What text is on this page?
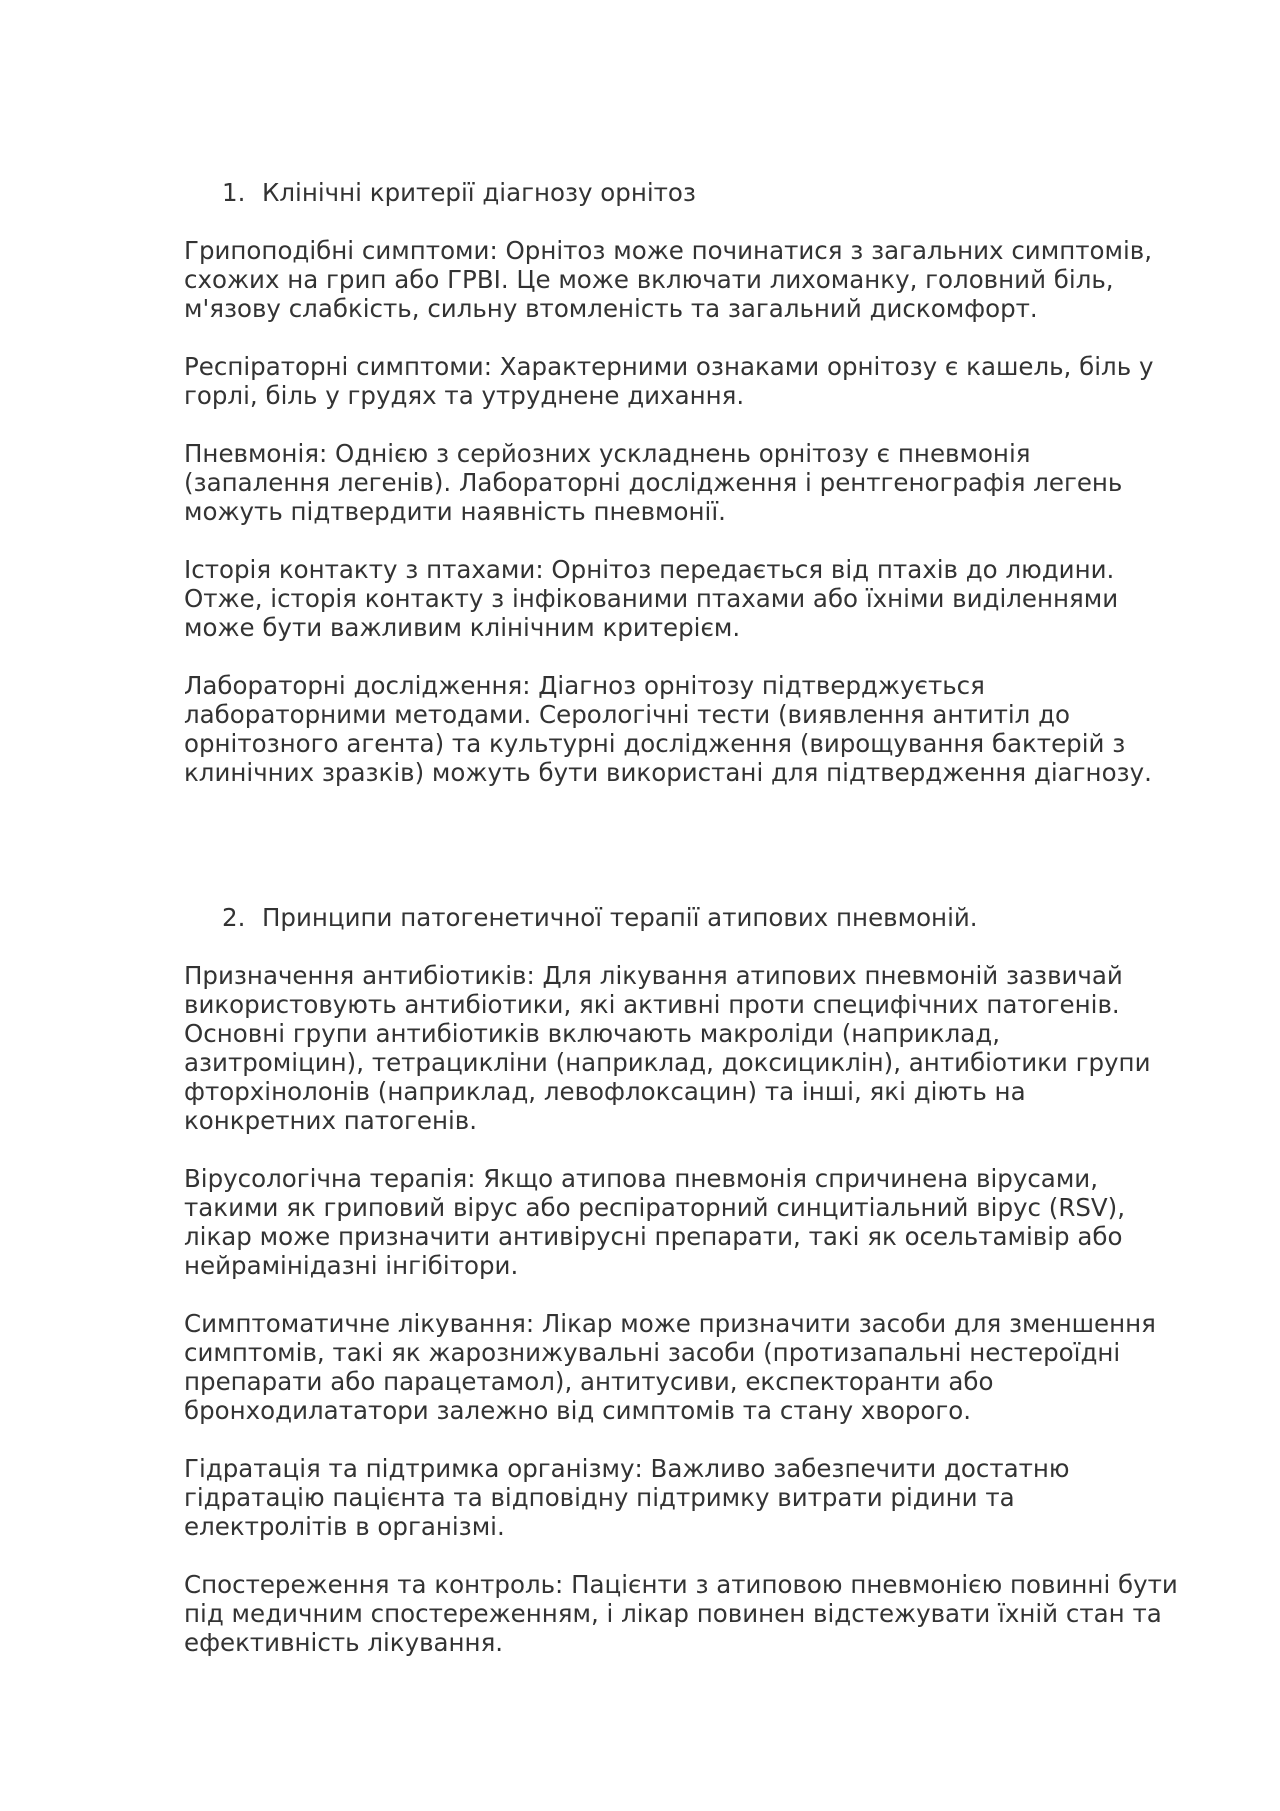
1. Клінічні критерії діагнозу орнітоз
Грипоподібні симптоми: Орнітоз може починатися з загальних симптомів,
схожих на грип або ГРВІ. Це може включати лихоманку, головний біль,
м'язову слабкість, сильну втомленість та загальний дискомфорт.
Респіраторні симптоми: Характерними ознаками орнітозу є кашель, біль у
горлі, біль у грудях та утруднене дихання.
Пневмонія: Однією з серйозних ускладнень орнітозу є пневмонія
(запалення легенів). Лабораторні дослідження і рентгенографія легень
можуть підтвердити наявність пневмонії.
Історія контакту з птахами: Орнітоз передається від птахів до людини.
Отже, історія контакту з інфікованими птахами або їхніми виділеннями
може бути важливим клінічним критерієм.
Лабораторні дослідження: Діагноз орнітозу підтверджується
лабораторними методами. Серологічні тести (виявлення антитіл до
орнітозного агента) та культурні дослідження (вирощування бактерій з
клинічних зразків) можуть бути використані для підтвердження діагнозу.
2. Принципи патогенетичної терапії атипових пневмоній.
Призначення антибіотиків: Для лікування атипових пневмоній зазвичай
використовують антибіотики, які активні проти специфічних патогенів.
Основні групи антибіотиків включають макроліди (наприклад,
азитроміцин), тетрацикліни (наприклад, доксициклін), антибіотики групи
фторхінолонів (наприклад, левофлоксацин) та інші, які діють на
конкретних патогенів.
Вірусологічна терапія: Якщо атипова пневмонія спричинена вірусами,
такими як грипoвий вірус або респіраторний синцитіальний вірус (RSV),
лікар може призначити антивірусні препарати, такі як осельтамівір або
нейрамінідазні інгібітори.
Симптоматичне лікування: Лікар може призначити засоби для зменшення
симптомів, такі як жарознижувальні засоби (протизапальні нестероїдні
препарати або парацетамол), антитусиви, експекторанти або
бронходилататори залежно від симптомів та стану хворого.
Гідратація та підтримка організму: Важливо забезпечити достатню
гідратацію пацієнта та відповідну підтримку витрати рідини та
електролітів в організмі.
Спостереження та контроль: Пацієнти з атиповою пневмонією повинні бути
під медичним спостереженням, і лікар повинен відстежувати їхній стан та
ефективність лікування.
